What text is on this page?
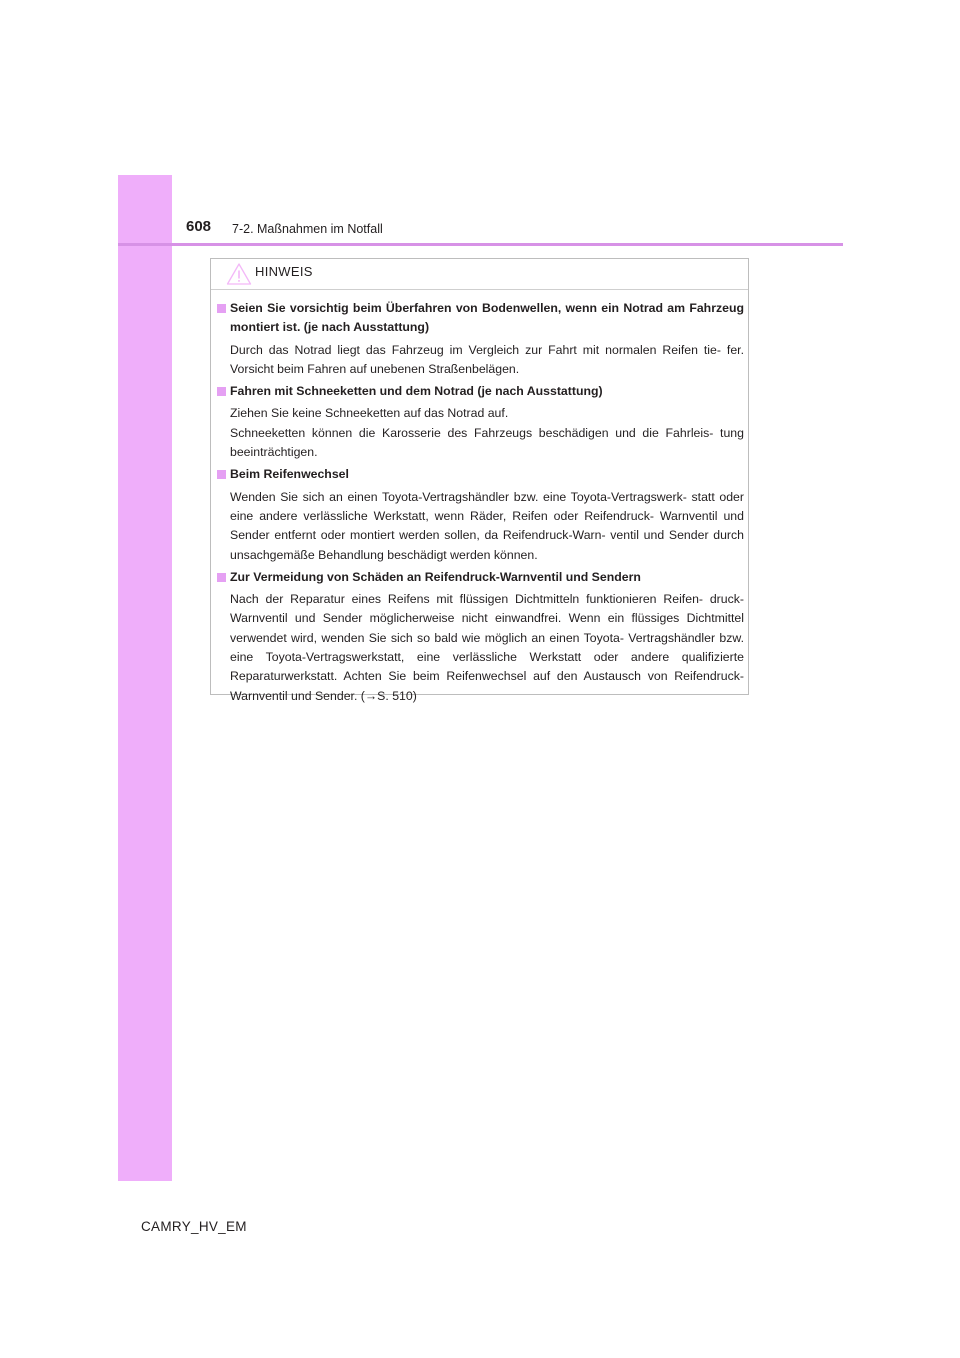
608 7-2. Maßnahmen im Notfall
HINWEIS
Seien Sie vorsichtig beim Überfahren von Bodenwellen, wenn ein Notrad am Fahrzeug montiert ist. (je nach Ausstattung)

Durch das Notrad liegt das Fahrzeug im Vergleich zur Fahrt mit normalen Reifen tie- fer. Vorsicht beim Fahren auf unebenen Straßenbelägen.

Fahren mit Schneeketten und dem Notrad (je nach Ausstattung)

Ziehen Sie keine Schneeketten auf das Notrad auf.

Schneeketten können die Karosserie des Fahrzeugs beschädigen und die Fahrleis- tung beeinträchtigen.

Beim Reifenwechsel

Wenden Sie sich an einen Toyota-Vertragshändler bzw. eine Toyota-Vertragswerk- statt oder eine andere verlässliche Werkstatt, wenn Räder, Reifen oder Reifendruck- Warnventil und Sender entfernt oder montiert werden sollen, da Reifendruck-Warn- ventil und Sender durch unsachgemäße Behandlung beschädigt werden können.

Zur Vermeidung von Schäden an Reifendruck-Warnventil und Sendern

Nach der Reparatur eines Reifens mit flüssigen Dichtmitteln funktionieren Reifen- druck-Warnventil und Sender möglicherweise nicht einwandfrei. Wenn ein flüssiges Dichtmittel verwendet wird, wenden Sie sich so bald wie möglich an einen Toyota- Vertragshändler bzw. eine Toyota-Vertragswerkstatt, eine verlässliche Werkstatt oder andere qualifizierte Reparaturwerkstatt. Achten Sie beim Reifenwechsel auf den Austausch von Reifendruck-Warnventil und Sender. (→S. 510)

CAMRY_HV_EM
